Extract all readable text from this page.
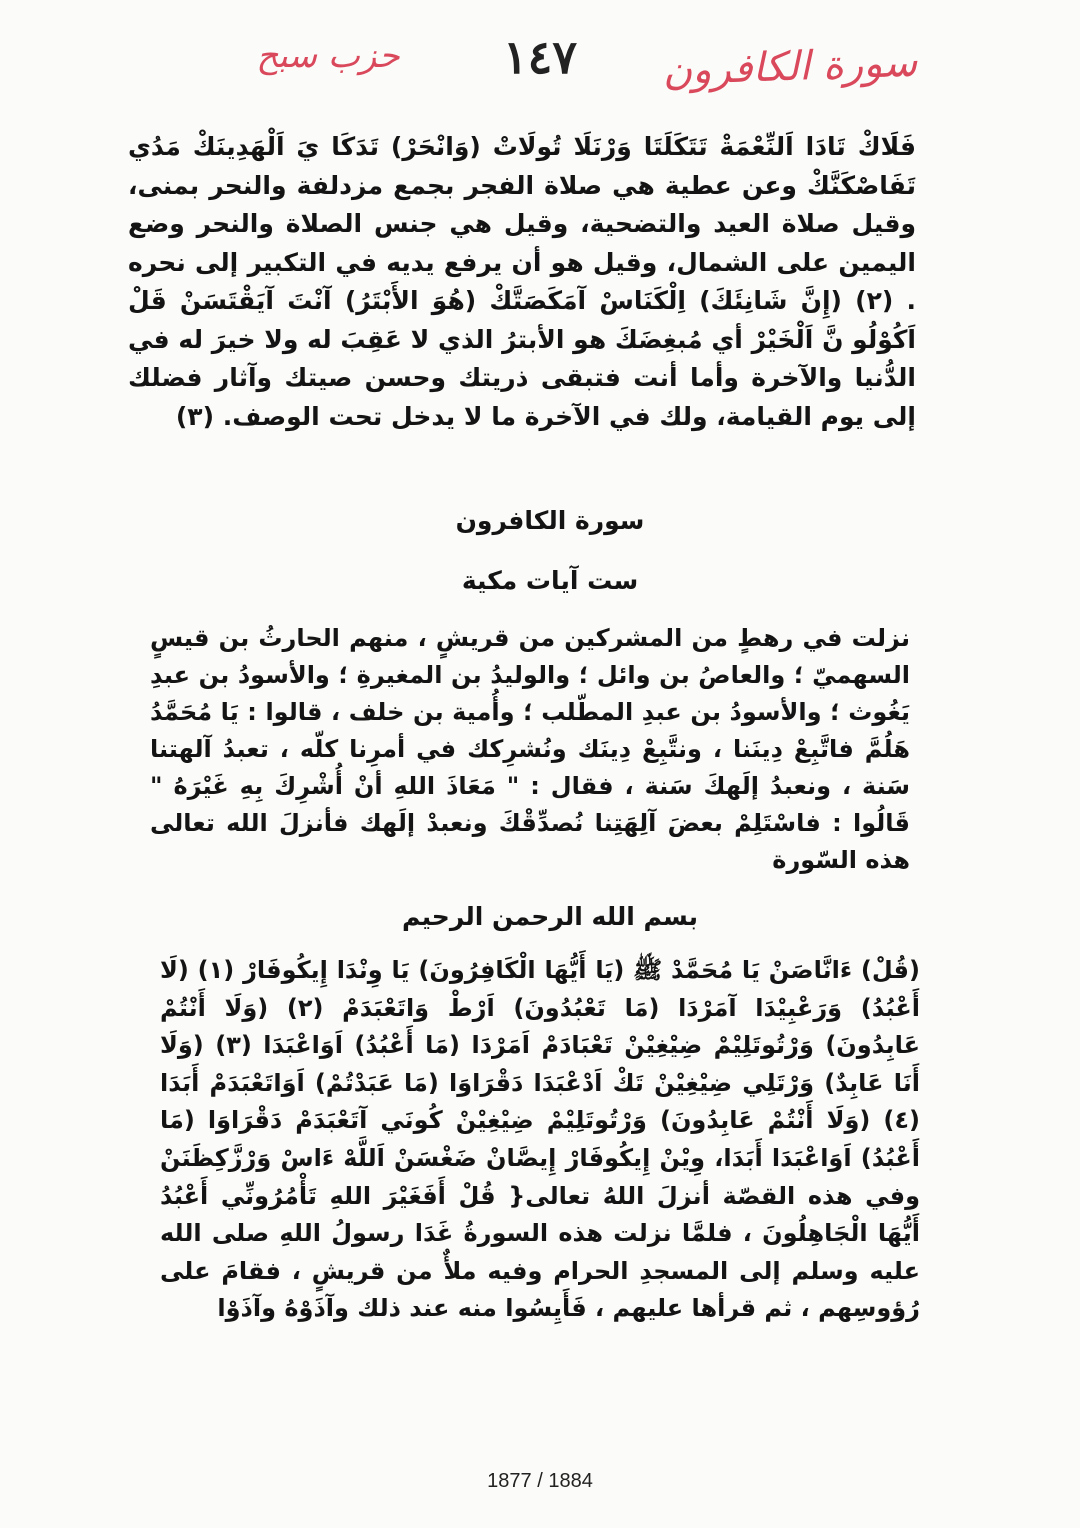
حزب سبح	١٤٧	سورة الكافرون

فَلَاكْ تَادَا اَلنِّعْمَةْ تَتَكَلَتَا وَرْنَلَا تُولَاتْ (وَانْحَرْ) تَدَكَا يَ اَلْهَدِينَكْ مَدُي تَفَاصْكَنَّكْ وعن عطية هي صلاة الفجر بجمع مزدلفة والنحر بمنى، وقيل صلاة العيد والتضحية، وقيل هي جنس الصلاة والنحر وضع اليمين على الشمال، وقيل هو أن يرفع يديه في التكبير إلى نحره . (٢) (إِنَّ شَانِئَكَ) اِلْكَنَاسْ آمَكَصَتَّكْ (هُوَ الأَبْتَرُ) آنْتَ آيَقْتَسَنْ قَلْ اَكُوْلُو نَّ اَلْخَيْرْ أي مُبغِضَكَ هو الأبترُ الذي لا عَقِبَ له ولا خيرَ له في الدُّنيا والآخرة وأما أنت فتبقى ذريتك وحسن صيتك وآثار فضلك إلى يوم القيامة، ولك في الآخرة ما لا يدخل تحت الوصف. (٣)

سورة الكافرون
ست آيات مكية

نزلت في رهطٍ من المشركين من قريشٍ ، منهم الحارثُ بن قيسٍ السهميّ ؛ والعاصُ بن وائل ؛ والوليدُ بن المغيرةِ ؛ والأسودُ بن عبدِ يَغُوث ؛ والأسودُ بن عبدِ المطّلب ؛ وأُمية بن خلف ، قالوا : يَا مُحَمَّدُ هَلُمَّ فاتَّبِعْ دِينَنا ، ونتَّبِعْ دِينَك ونُشرِكك في أمرِنا كلّه ، تعبدُ آلهتنا سَنة ، ونعبدُ إلَهكَ سَنة ، فقال : " مَعَاذَ اللهِ أنْ أُشْرِكَ بِهِ غَيْرَهُ " قَالُوا : فاسْتَلِمْ بعضَ آلِهَتِنا نُصدِّقْكَ ونعبدْ إلَهك فأنزلَ الله تعالى هذه السّورة

بسم الله الرحمن الرحيم

(قُلْ) ءَانَّاصَنْ يَا مُحَمَّدْ ﷺ (يَا أَيُّهَا الْكَافِرُونَ) يَا وِنْدَا إِيكُوفَارْ (١) (لَا أَعْبُدُ) وَرَعْبِيْدَا آمَرْدَا (مَا تَعْبُدُونَ) اَرْطْ وَاتَعْبَدَمْ (٢) (وَلَا أَنْتُمْ عَابِدُونَ) وَرْتُوتَلِيْمْ ضِيْغِيْنْ تَعْبَادَمْ اَمَرْدَا (مَا أَعْبُدُ) اَوَاعْبَدَا (٣) (وَلَا أَنَا عَابِدٌ) وَرْتَلِي ضِيْغِيْنْ تَكْ اَدْعْبَدَا دَقْرَاوَا (مَا عَبَدْتُمْ) اَوَاتَعْبَدَمْ أَبَدَا (٤) (وَلَا أَنْتُمْ عَابِدُونَ) وَرْتُوتَلِيْمْ ضِيْغِيْنْ كُونَي آتَعْبَدَمْ دَقْرَاوَا (مَا أَعْبُدُ) اَوَاعْبَدَا أَبَدَا، وِيْنْ إِيكُوفَارْ إِيصَّانْ ضَغْسَنْ اَللَّهْ ءَاسْ وَرْزَّكِظَنَنْ وفي هذه القصّة أنزلَ اللهُ تعالى{ قُلْ أَفَغَيْرَ اللهِ تَأْمُرُونِّي أَعْبُدُ أَيُّهَا الْجَاهِلُونَ ، فلمَّا نزلت هذه السورةُ غَدَا رسولُ اللهِ صلى الله عليه وسلم إلى المسجدِ الحرام وفيه ملأٌ من قريشٍ ، فقامَ على رُؤوسِهم ، ثم قرأها عليهم ، فَأَيِسُوا منه عند ذلك وآذَوْهُ وآذَوْا

1877 / 1884
